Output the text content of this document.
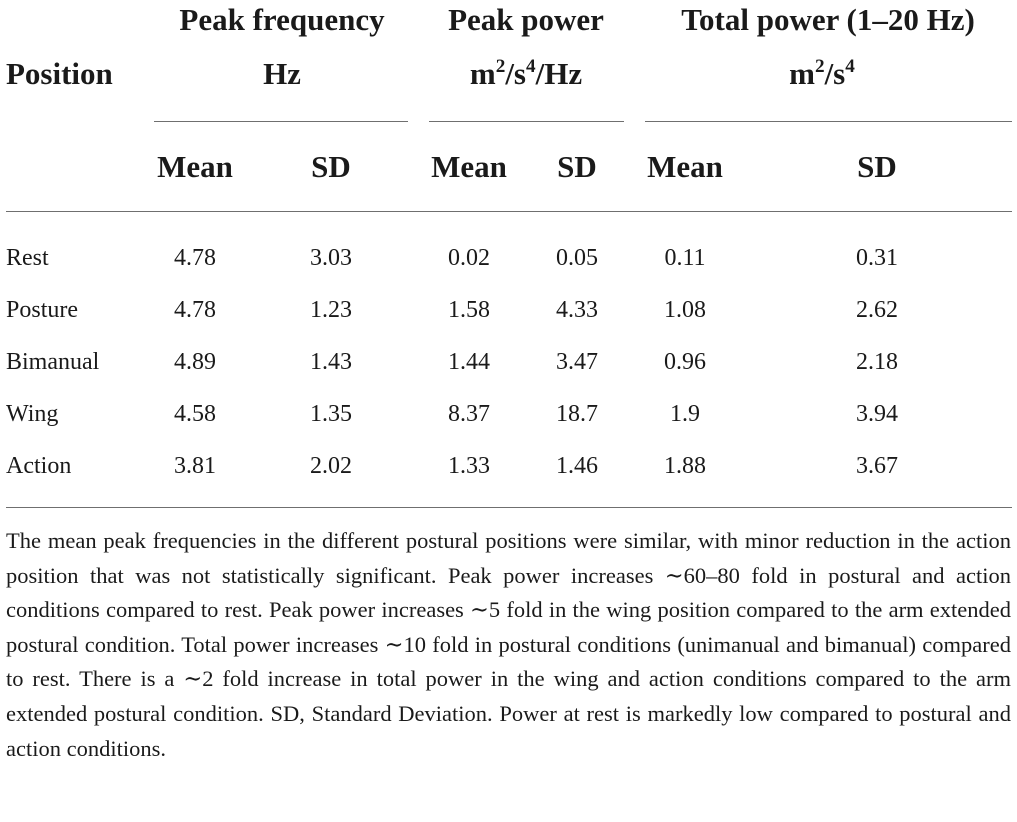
Position
Peak frequency
Hz
Peak power
$m^2/s^4/Hz$
Total power (1–20 Hz)
$m^2/s^4$
Mean	SD	Mean SD Mean	SD
Rest	4.78	3.03	0.02	0.05	0.11	0.31
Posture	4.78	1.23	1.58	4.33	1.08	2.62
Bimanual	4.89	1.43	1.44	3.47	0.96	2.18
Wing	4.58	1.35	8.37	18.7	1.9	3.94
Action	3.81	2.02	1.33	1.46	1.88	3.67
The mean peak frequencies in the different postural positions were similar, with minor reduction in the action position that was not statistically significant. Peak power increases ∼60–80 fold in postural and action conditions compared to rest. Peak power increases ∼5 fold in the wing position compared to the arm extended postural condition. Total power increases ∼10 fold in postural conditions (unimanual and bimanual) compared to rest. There is a ∼2 fold increase in total power in the wing and action conditions compared to the arm extended postural condition. SD, Standard Deviation. Power at rest is markedly low compared to postural and action conditions.
